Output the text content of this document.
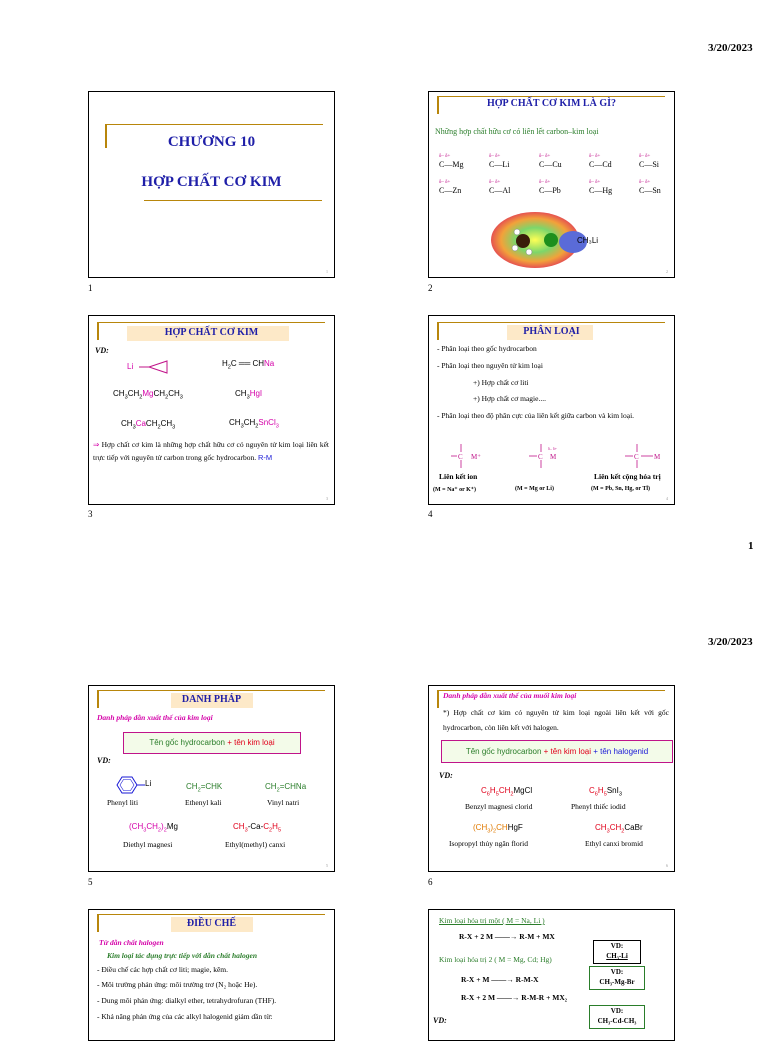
3/20/2023
CHƯƠNG 10
HỢP CHẤT CƠ KIM
1
1
HỢP CHẤT CƠ KIM LÀ GÌ?
Những hợp chất hữu cơ có liên lết carbon–kim loại
δ– δ+
C—Mg
δ– δ+
C—Li
δ– δ+
C—Cu
δ– δ+
C—Cd
δ– δ+
C—Si
δ– δ+
C—Zn
δ– δ+
C—Al
δ– δ+
C—Pb
δ– δ+
C—Hg
δ– δ+
C—Sn
CH₃Li
2
2
HỢP CHẤT CƠ KIM
VD:
Li	$H_2C$ ══ CHNa
$CH_3CH_2MgCH_2CH_3$	$CH_3HgI$
$CH_3CaCH_2CH_3$
$CH_3CH_2SnCl_3$
⇒ Hợp chất cơ kim là những hợp chất hữu cơ có nguyên tử kim loại liên kết trực tiếp với nguyên tử carbon trong gốc hydrocarbon. R-M
3
3
PHÂN LOẠI
- Phân loại theo gốc hydrocarbon
- Phân loại theo nguyên tử kim loại
+) Hợp chất cơ liti
+) Hợp chất cơ magie....
- Phân loại theo độ phân cực của liên kết giữa carbon và kim loại.
C M⁺	C M
δ– δ+
C M
Liên kết ion
(M = Na⁺ or K⁺)	(M = Mg or Li)
Liên kết cộng hóa trị
(M = Pb, Sn, Hg, or Tl)
4
4
1
3/20/2023
DANH PHÁP
Danh pháp dẫn xuất thế của kim loại
Tên gốc hydrocarbon + tên kim loại
VD:
Li
Phenyl liti
$CH_2=CHK$
Ethenyl kali
$CH_2=CHNa$
Vinyl natri
$(CH_3CH_2)_2Mg$
Diethyl magnesi
$CH_3-Ca-C_2H_5$
Ethyl(methyl) canxi
5
5
Danh pháp dẫn xuất thế của muối kim loại
*) Hợp chất cơ kim có nguyên tử kim loại ngoài liên kết với gốc hydrocarbon, còn liên kết với halogen.
Tên gốc hydrocarbon + tên kim loại + tên halogenid
VD:
$C_6H_5CH_2MgCl$
Benzyl magnesi clorid
$C_6H_5SnI_3$
Phenyl thiếc iodid
$(CH_3)_2CHHgF$
Isopropyl thủy ngân florid
$CH_3CH_2CaBr$
Ethyl canxi bromid
6
6
ĐIỀU CHẾ
Từ dẫn chất halogen
Kim loại tác dụng trực tiếp với dẫn chất halogen
- Điều chế các hợp chất cơ liti; magie, kẽm.
- Môi trường phản ứng: môi trường trơ (N₂ hoặc He).
- Dung môi phản ứng: dialkyl ether, tetrahydrofuran (THF).
- Khả năng phản ứng của các alkyl halogenid giảm dần từ:
Kim loại hóa trị một ( M = Na, Li )
R-X + 2 M ——→ R-M + MX
VD:
CH₃-Li
Kim loại hóa trị 2 ( M = Mg, Cd; Hg)
R-X + M ——→ R-M-X
VD:
CH₃-Mg-Br
R-X + 2 M ——→ R-M-R + MX₂
VD:
CH₃-Cd-CH₃
VD:
